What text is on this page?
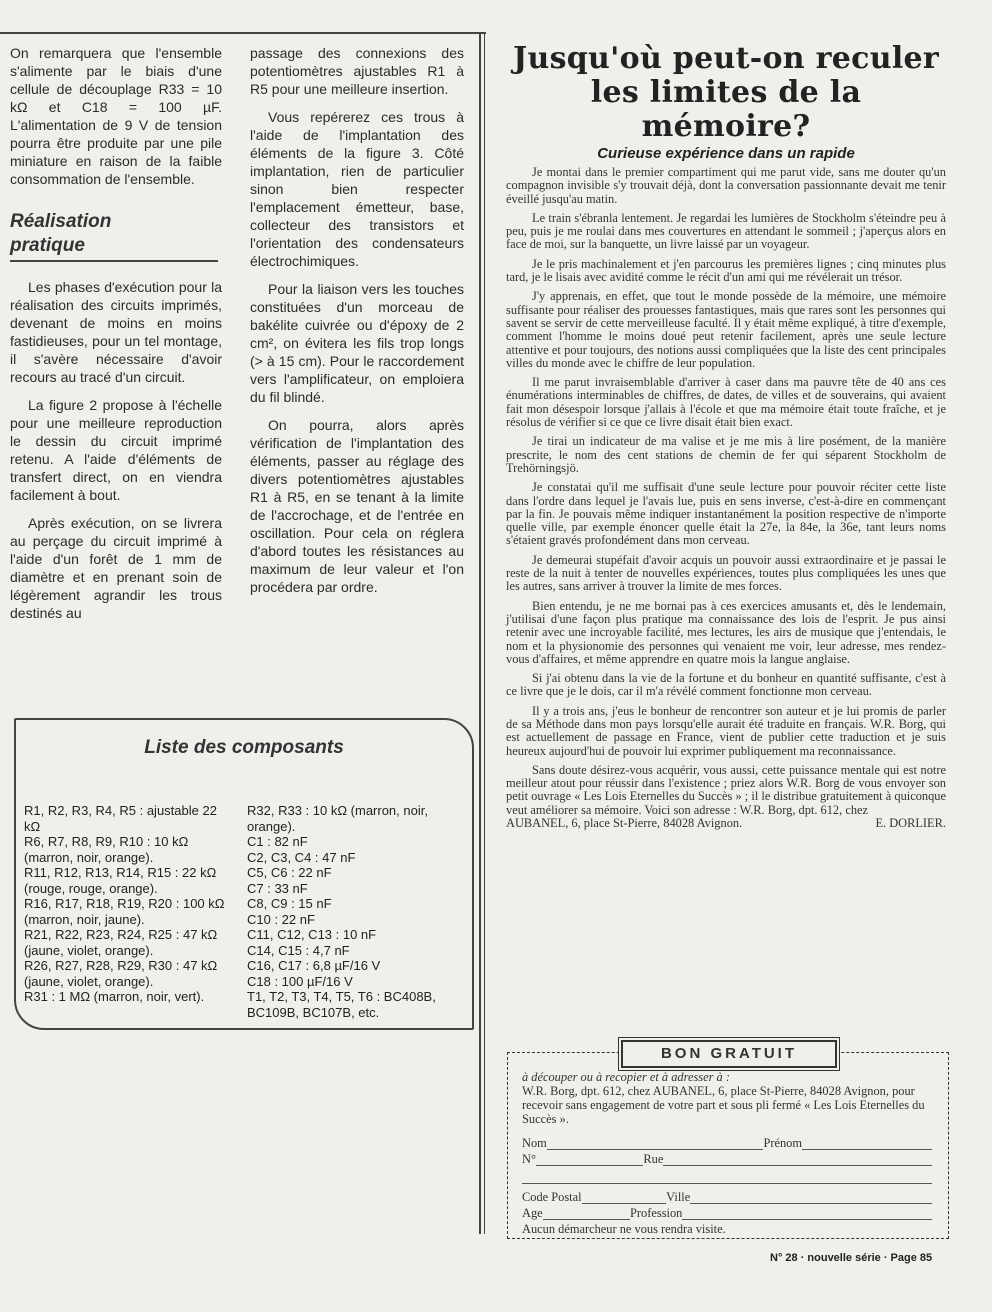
On remarquera que l'ensemble s'alimente par le biais d'une cellule de découplage R33 = 10 kΩ et C18 = 100 µF. L'alimentation de 9 V de tension pourra être produite par une pile miniature en raison de la faible consommation de l'ensemble.

Réalisation
pratique

Les phases d'exécution pour la réalisation des circuits imprimés, devenant de moins en moins fastidieuses, pour un tel montage, il s'avère nécessaire d'avoir recours au tracé d'un circuit.

La figure 2 propose à l'échelle pour une meilleure reproduction le dessin du circuit imprimé retenu. A l'aide d'éléments de transfert direct, on en viendra facilement à bout.

Après exécution, on se livrera au perçage du circuit imprimé à l'aide d'un forêt de 1 mm de diamètre et en prenant soin de légèrement agrandir les trous destinés au

passage des connexions des potentiomètres ajustables R1 à R5 pour une meilleure insertion.

Vous repérerez ces trous à l'aide de l'implantation des éléments de la figure 3. Côté implantation, rien de particulier sinon bien respecter l'emplacement émetteur, base, collecteur des transistors et l'orientation des condensateurs électrochimiques.

Pour la liaison vers les touches constituées d'un morceau de bakélite cuivrée ou d'époxy de 2 cm², on évitera les fils trop longs (> à 15 cm). Pour le raccordement vers l'amplificateur, on emploiera du fil blindé.

On pourra, alors après vérification de l'implantation des éléments, passer au réglage des divers potentiomètres ajustables R1 à R5, en se tenant à la limite de l'accrochage, et de l'entrée en oscillation. Pour cela on réglera d'abord toutes les résistances au maximum de leur valeur et l'on procédera par ordre.

Liste des composants
R1, R2, R3, R4, R5 : ajustable 22 kΩ
R6, R7, R8, R9, R10 : 10 kΩ (marron, noir, orange).
R11, R12, R13, R14, R15 : 22 kΩ (rouge, rouge, orange).
R16, R17, R18, R19, R20 : 100 kΩ (marron, noir, jaune).
R21, R22, R23, R24, R25 : 47 kΩ (jaune, violet, orange).
R26, R27, R28, R29, R30 : 47 kΩ (jaune, violet, orange).
R31 : 1 MΩ (marron, noir, vert).
R32, R33 : 10 kΩ (marron, noir, orange).
C1 : 82 nF
C2, C3, C4 : 47 nF
C5, C6 : 22 nF
C7 : 33 nF
C8, C9 : 15 nF
C10 : 22 nF
C11, C12, C13 : 10 nF
C14, C15 : 4,7 nF
C16, C17 : 6,8 µF/16 V
C18 : 100 µF/16 V
T1, T2, T3, T4, T5, T6 : BC408B, BC109B, BC107B, etc.
Jusqu'où peut-on reculer
les limites de la mémoire?
Curieuse expérience dans un rapide

Je montai dans le premier compartiment qui me parut vide, sans me douter qu'un compagnon invisible s'y trouvait déjà, dont la conversation passionnante devait me tenir éveillé jusqu'au matin.

Le train s'ébranla lentement. Je regardai les lumières de Stockholm s'éteindre peu à peu, puis je me roulai dans mes couvertures en attendant le sommeil ; j'aperçus alors en face de moi, sur la banquette, un livre laissé par un voyageur.

Je le pris machinalement et j'en parcourus les premières lignes ; cinq minutes plus tard, je le lisais avec avidité comme le récit d'un ami qui me révélerait un trésor.

J'y apprenais, en effet, que tout le monde possède de la mémoire, une mémoire suffisante pour réaliser des prouesses fantastiques, mais que rares sont les personnes qui savent se servir de cette merveilleuse faculté. Il y était même expliqué, à titre d'exemple, comment l'homme le moins doué peut retenir facilement, après une seule lecture attentive et pour toujours, des notions aussi compliquées que la liste des cent principales villes du monde avec le chiffre de leur population.

Il me parut invraisemblable d'arriver à caser dans ma pauvre tête de 40 ans ces énumérations interminables de chiffres, de dates, de villes et de souverains, qui avaient fait mon désespoir lorsque j'allais à l'école et que ma mémoire était toute fraîche, et je résolus de vérifier si ce que ce livre disait était bien exact.

Je tirai un indicateur de ma valise et je me mis à lire posément, de la manière prescrite, le nom des cent stations de chemin de fer qui séparent Stockholm de Trehörningsjö.

Je constatai qu'il me suffisait d'une seule lecture pour pouvoir réciter cette liste dans l'ordre dans lequel je l'avais lue, puis en sens inverse, c'est-à-dire en commençant par la fin. Je pouvais même indiquer instantanément la position respective de n'importe quelle ville, par exemple énoncer quelle était la 27e, la 84e, la 36e, tant leurs noms s'étaient gravés profondément dans mon cerveau.

Je demeurai stupéfait d'avoir acquis un pouvoir aussi extraordinaire et je passai le reste de la nuit à tenter de nouvelles expériences, toutes plus compliquées les unes que les autres, sans arriver à trouver la limite de mes forces.

Bien entendu, je ne me bornai pas à ces exercices amusants et, dès le lendemain, j'utilisai d'une façon plus pratique ma connaissance des lois de l'esprit. Je pus ainsi retenir avec une incroyable facilité, mes lectures, les airs de musique que j'entendais, le nom et la physionomie des personnes qui venaient me voir, leur adresse, mes rendez-vous d'affaires, et même apprendre en quatre mois la langue anglaise.

Si j'ai obtenu dans la vie de la fortune et du bonheur en quantité suffisante, c'est à ce livre que je le dois, car il m'a révélé comment fonctionne mon cerveau.

Il y a trois ans, j'eus le bonheur de rencontrer son auteur et je lui promis de parler de sa Méthode dans mon pays lorsqu'elle aurait été traduite en français. W.R. Borg, qui est actuellement de passage en France, vient de publier cette traduction et je suis heureux aujourd'hui de pouvoir lui exprimer publiquement ma reconnaissance.

Sans doute désirez-vous acquérir, vous aussi, cette puissance mentale qui est notre meilleur atout pour réussir dans l'existence ; priez alors W.R. Borg de vous envoyer son petit ouvrage « Les Lois Eternelles du Succès » ; il le distribue gratuitement à quiconque veut améliorer sa mémoire. Voici son adresse : W.R. Borg, dpt. 612, chez

AUBANEL, 6, place St-Pierre, 84028 Avignon.	E. DORLIER.
BON GRATUIT
à découper ou à recopier et à adresser à :
W.R. Borg, dpt. 612, chez AUBANEL, 6, place St-Pierre, 84028 Avignon, pour recevoir sans engagement de votre part et sous pli fermé « Les Lois Eternelles du Succès ».
Nom	Prénom
N°	Rue
Code Postal	Ville
Age	Profession
Aucun démarcheur ne vous rendra visite.
N° 28 · nouvelle série · Page 85
